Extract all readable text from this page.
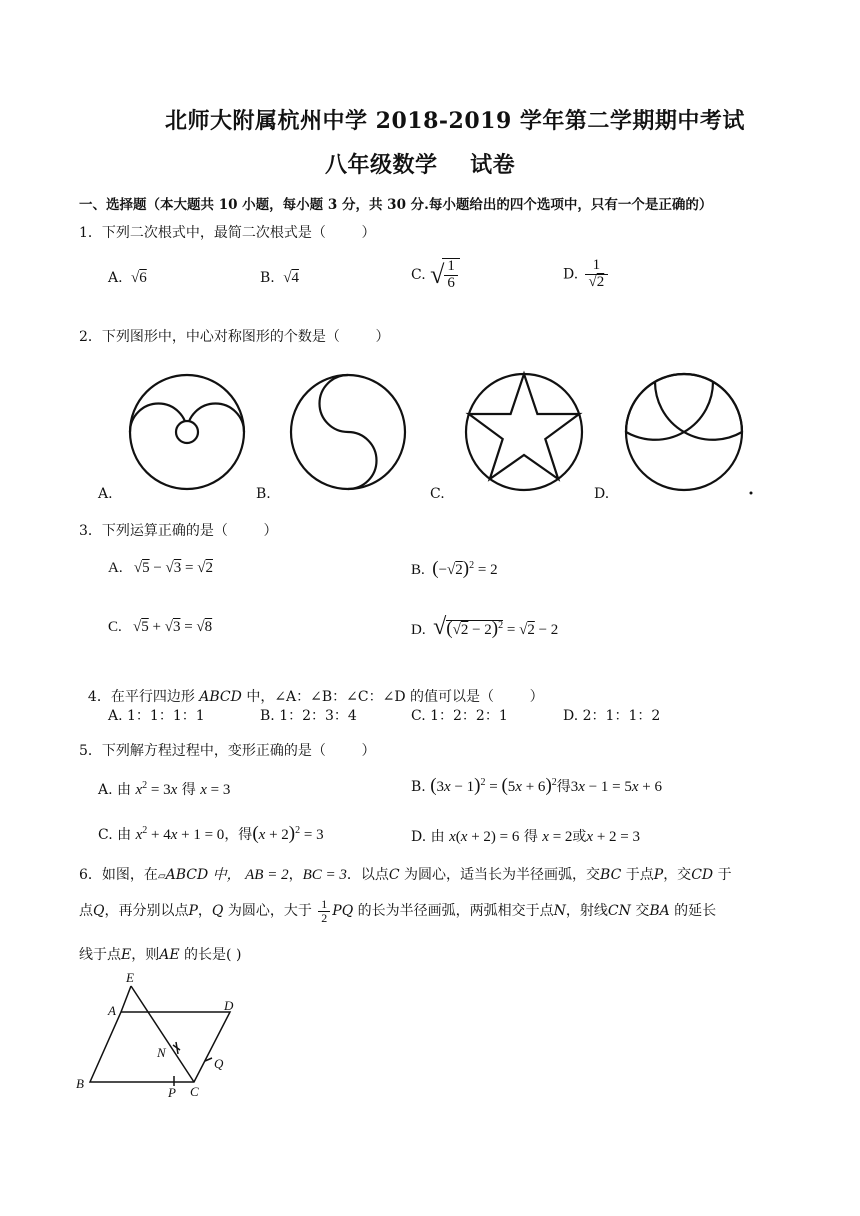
北师大附属杭州中学 2018-2019 学年第二学期期中考试
八年级数学    试卷
一、选择题（本大题共 10 小题，每小题 3 分，共 30 分.每小题给出的四个选项中，只有一个是正确的）
1．下列二次根式中，最简二次根式是（        ）
A. √6	B. √4	C. √ $\frac{1}{6}$	D. $\frac{1}{√2}$
2．下列图形中，中心对称图形的个数是（        ）
A.	B.	C.	D.
3．下列运算正确的是（        ）
A.   √5 − √3 = √2	B. $(-√2)^2 = 2$
C.   √5 + √3 = √8	D. $√(√2 - 2)^2 = √2 - 2$

4．在平行四边形 ABCD 中，∠A：∠B：∠C：∠D 的值可以是（        ）

A. 1：1：1：1	B. 1：2：3：4	C. 1：2：2：1	D. 2：1：1：2
5．下列解方程过程中，变形正确的是（        ）
A. 由 $x^2 = 3x$ 得 x = 3	B. $(3x - 1)^2 = (5x + 6)^2$得3x − 1 = 5x + 6
C. 由 $x^2 + 4x + 1 = 0$，得$(x + 2)^2 = 3$	D. 由 x(x + 2) = 6 得 x = 2或x + 2 = 3
6．如图，在▱ABCD 中， AB = 2，BC = 3．以点C 为圆心，适当长为半径画弧，交BC 于点P，交CD 于
点Q，再分别以点P，Q 为圆心，大于 $\frac{1}{2}$ PQ 的长为半径画弧，两弧相交于点N，射线CN 交BA 的延长
线于点E，则AE 的长是( )
E
A	D
N
Q
B
P C
